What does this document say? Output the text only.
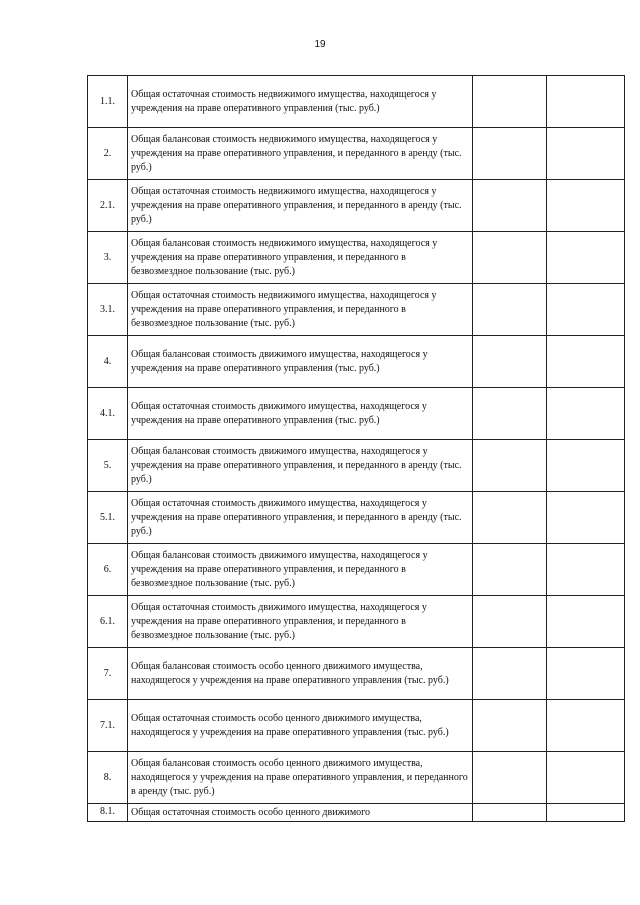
19
1.1.	Общая остаточная стоимость недвижимого имущества, находящегося у учреждения на праве оперативного управления (тыс. руб.)		
2.	Общая балансовая стоимость недвижимого имущества, находящегося у учреждения на праве оперативного управления, и переданного в аренду (тыс. руб.)		
2.1.	Общая остаточная стоимость недвижимого имущества, находящегося у учреждения на праве оперативного управления, и переданного в аренду (тыс. руб.)		
3.	Общая балансовая стоимость недвижимого имущества, находящегося у учреждения на праве оперативного управления, и переданного в безвозмездное пользование (тыс. руб.)		
3.1.	Общая остаточная стоимость недвижимого имущества, находящегося у учреждения на праве оперативного управления, и переданного в безвозмездное пользование (тыс. руб.)		
4.	Общая балансовая стоимость движимого имущества, находящегося у учреждения на праве оперативного управления (тыс. руб.)		
4.1.	Общая остаточная стоимость движимого имущества, находящегося у учреждения на праве оперативного управления (тыс. руб.)		
5.	Общая балансовая стоимость движимого имущества, находящегося у учреждения на праве оперативного управления, и переданного в аренду (тыс. руб.)		
5.1.	Общая остаточная стоимость движимого имущества, находящегося у учреждения на праве оперативного управления, и переданного в аренду (тыс. руб.)		
6.	Общая балансовая стоимость движимого имущества, находящегося у учреждения на праве оперативного управления, и переданного в безвозмездное пользование (тыс. руб.)		
6.1.	Общая остаточная стоимость движимого имущества, находящегося у учреждения на праве оперативного управления, и переданного в безвозмездное пользование (тыс. руб.)		
7.	Общая балансовая стоимость особо ценного движимого имущества, находящегося у учреждения на праве оперативного управления (тыс. руб.)		
7.1.	Общая остаточная стоимость особо ценного движимого имущества, находящегося у учреждения на праве оперативного управления (тыс. руб.)		
8.	Общая балансовая стоимость особо ценного движимого имущества, находящегося у учреждения на праве оперативного управления, и переданного в аренду (тыс. руб.)		
8.1.	Общая остаточная стоимость особо ценного движимого		
